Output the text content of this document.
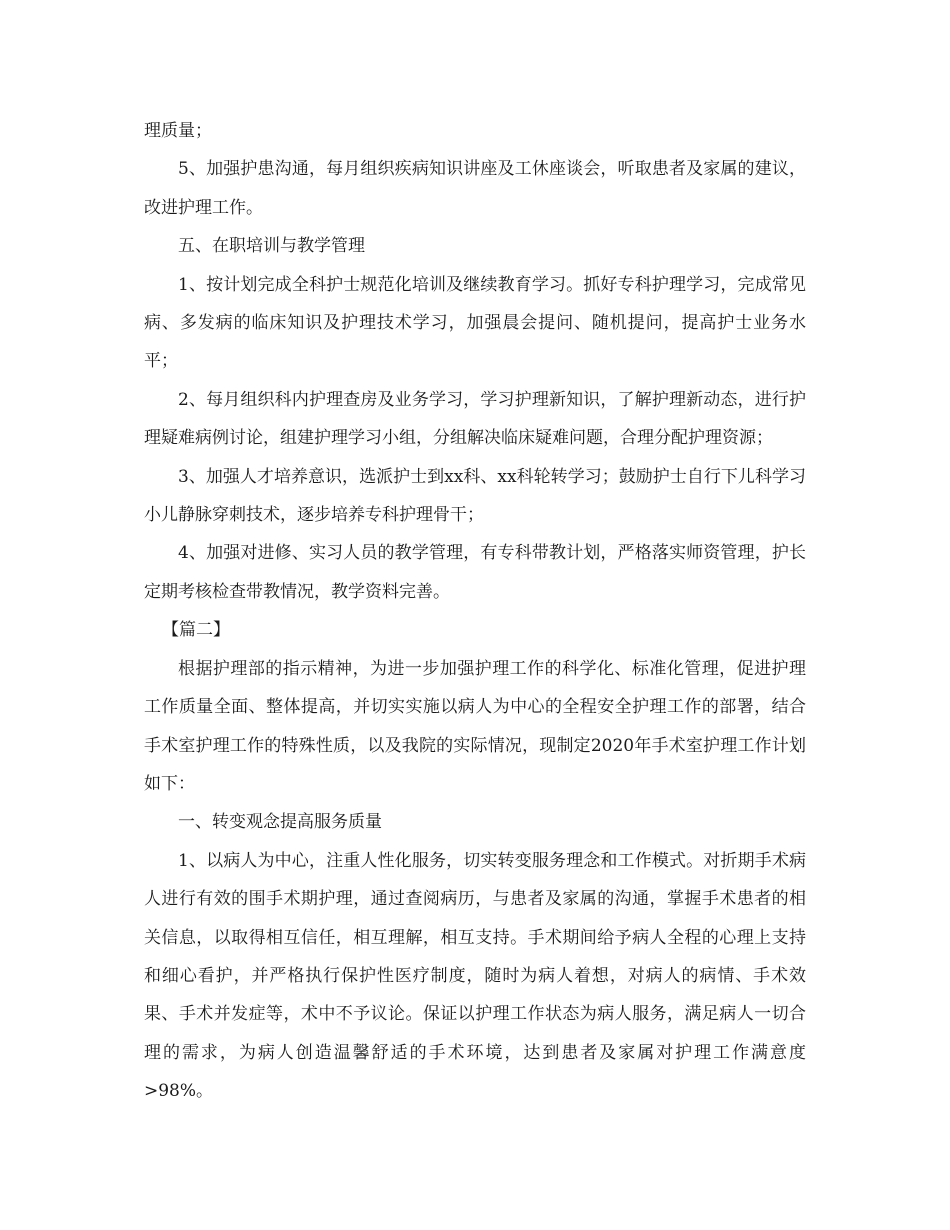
理质量；

5、加强护患沟通，每月组织疾病知识讲座及工休座谈会，听取患者及家属的建议，改进护理工作。

五、在职培训与教学管理

1、按计划完成全科护士规范化培训及继续教育学习。抓好专科护理学习，完成常见病、多发病的临床知识及护理技术学习，加强晨会提问、随机提问，提高护士业务水平；

2、每月组织科内护理查房及业务学习，学习护理新知识，了解护理新动态，进行护理疑难病例讨论，组建护理学习小组，分组解决临床疑难问题，合理分配护理资源；

3、加强人才培养意识，选派护士到xx科、xx科轮转学习；鼓励护士自行下儿科学习小儿静脉穿刺技术，逐步培养专科护理骨干；

4、加强对进修、实习人员的教学管理，有专科带教计划，严格落实师资管理，护长定期考核检查带教情况，教学资料完善。

【篇二】

根据护理部的指示精神，为进一步加强护理工作的科学化、标准化管理，促进护理工作质量全面、整体提高，并切实实施以病人为中心的全程安全护理工作的部署，结合手术室护理工作的特殊性质，以及我院的实际情况，现制定2020年手术室护理工作计划如下：

一、转变观念提高服务质量

1、以病人为中心，注重人性化服务，切实转变服务理念和工作模式。对折期手术病人进行有效的围手术期护理，通过查阅病历，与患者及家属的沟通，掌握手术患者的相关信息，以取得相互信任，相互理解，相互支持。手术期间给予病人全程的心理上支持和细心看护，并严格执行保护性医疗制度，随时为病人着想，对病人的病情、手术效果、手术并发症等，术中不予议论。保证以护理工作状态为病人服务，满足病人一切合理的需求，为病人创造温馨舒适的手术环境，达到患者及家属对护理工作满意度>98%。
